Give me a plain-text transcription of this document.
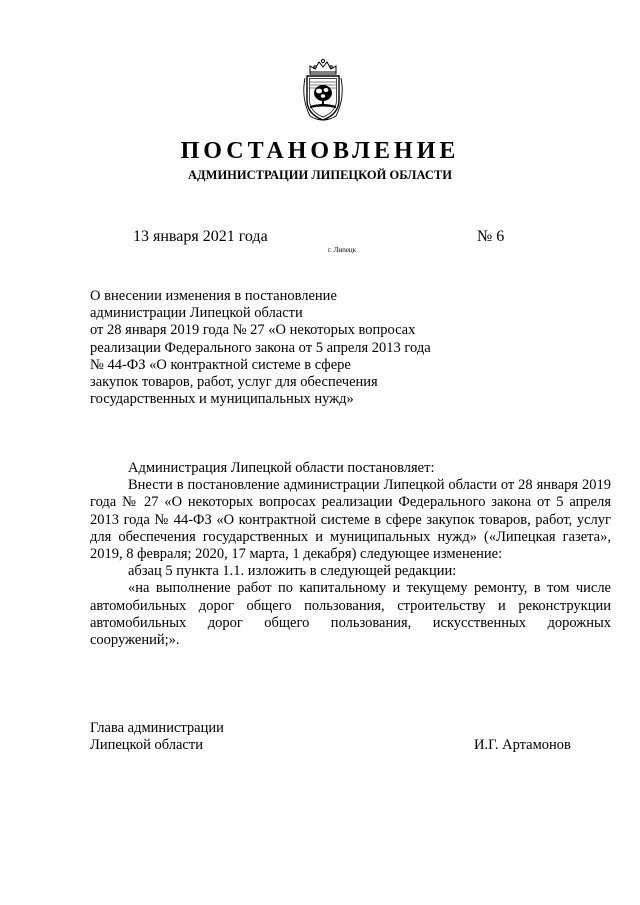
ПОСТАНОВЛЕНИЕ
АДМИНИСТРАЦИИ ЛИПЕЦКОЙ ОБЛАСТИ
13 января 2021 года
г. Липецк
№ 6
О внесении изменения в постановление
администрации Липецкой области
от 28 января 2019 года № 27 «О некоторых вопросах
реализации Федерального закона от 5 апреля 2013 года
№ 44-ФЗ «О контрактной системе в сфере
закупок товаров, работ, услуг для обеспечения
государственных и муниципальных нужд»

Администрация Липецкой области постановляет:

Внести в постановление администрации Липецкой области от 28 января 2019 года № 27 «О некоторых вопросах реализации Федерального закона от 5 апреля 2013 года № 44-ФЗ «О контрактной системе в сфере закупок товаров, работ, услуг для обеспечения государственных и муниципальных нужд» («Липецкая газета», 2019, 8 февраля; 2020, 17 марта, 1 декабря) следующее изменение:

абзац 5 пункта 1.1. изложить в следующей редакции:

«на выполнение работ по капитальному и текущему ремонту, в том числе автомобильных дорог общего пользования, строительству и реконструкции автомобильных дорог общего пользования, искусственных дорожных сооружений;».

Глава администрации
Липецкой области	И.Г. Артамонов
